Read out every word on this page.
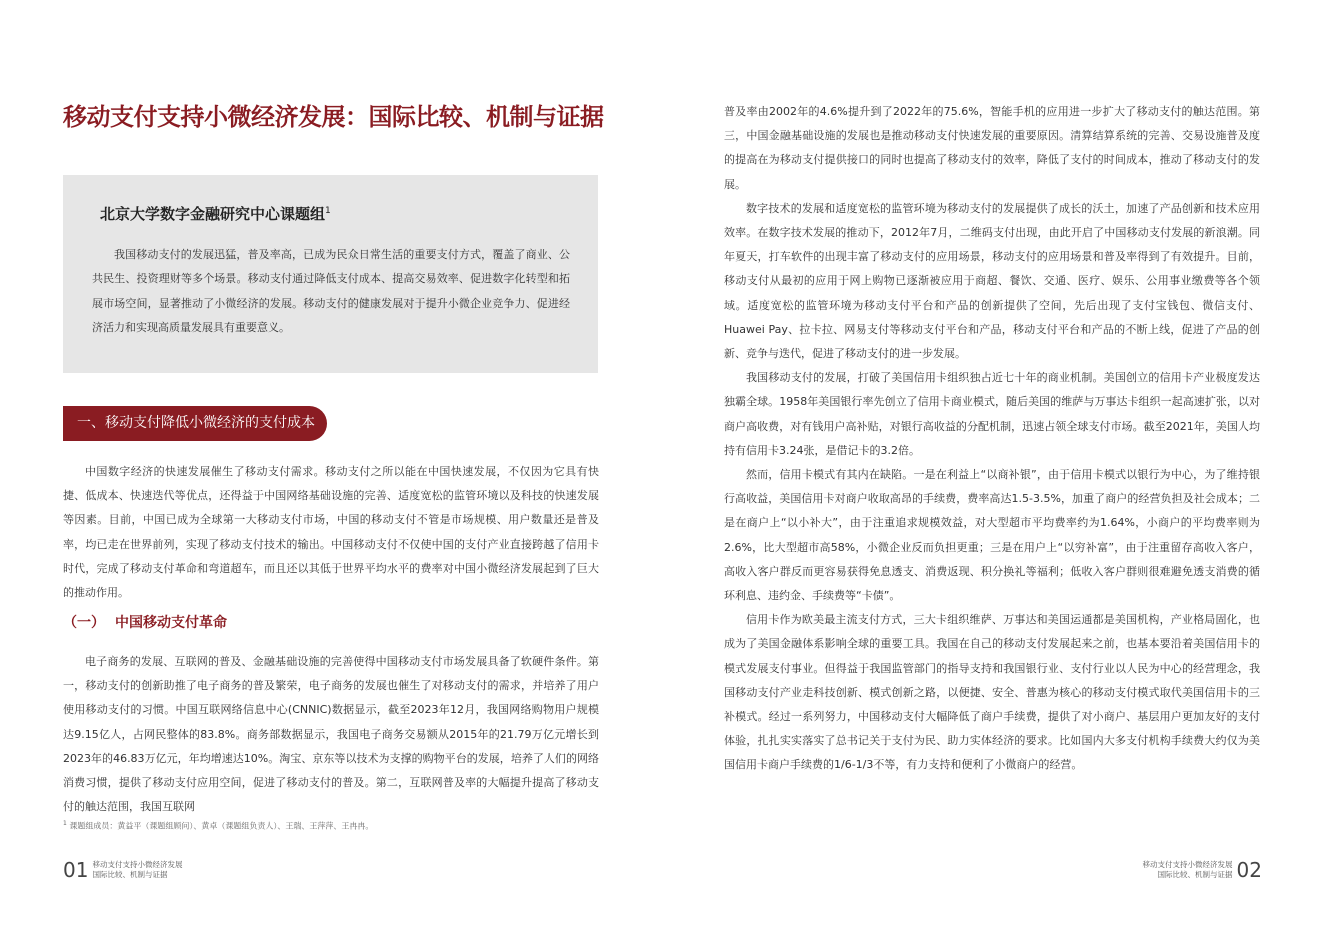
移动支付支持小微经济发展：国际比较、机制与证据

北京大学数字金融研究中心课题组$^1$

我国移动支付的发展迅猛，普及率高，已成为民众日常生活的重要支付方式，覆盖了商业、公共民生、投资理财等多个场景。移动支付通过降低支付成本、提高交易效率、促进数字化转型和拓展市场空间，显著推动了小微经济的发展。移动支付的健康发展对于提升小微企业竞争力、促进经济活力和实现高质量发展具有重要意义。

一、移动支付降低小微经济的支付成本

中国数字经济的快速发展催生了移动支付需求。移动支付之所以能在中国快速发展，不仅因为它具有快捷、低成本、快速迭代等优点，还得益于中国网络基础设施的完善、适度宽松的监管环境以及科技的快速发展等因素。目前，中国已成为全球第一大移动支付市场，中国的移动支付不管是市场规模、用户数量还是普及率，均已走在世界前列，实现了移动支付技术的输出。中国移动支付不仅使中国的支付产业直接跨越了信用卡时代，完成了移动支付革命和弯道超车，而且还以其低于世界平均水平的费率对中国小微经济发展起到了巨大的推动作用。

（一） 中国移动支付革命

电子商务的发展、互联网的普及、金融基础设施的完善使得中国移动支付市场发展具备了软硬件条件。第一，移动支付的创新助推了电子商务的普及繁荣，电子商务的发展也催生了对移动支付的需求，并培养了用户使用移动支付的习惯。中国互联网络信息中心(CNNIC)数据显示，截至2023年12月，我国网络购物用户规模达9.15亿人，占网民整体的83.8%。商务部数据显示，我国电子商务交易额从2015年的21.79万亿元增长到2023年的46.83万亿元，年均增速达10%。淘宝、京东等以技术为支撑的购物平台的发展，培养了人们的网络消费习惯，提供了移动支付应用空间，促进了移动支付的普及。第二，互联网普及率的大幅提升提高了移动支付的触达范围，我国互联网

$^1$ 课题组成员：黄益平（课题组顾问）、黄卓（课题组负责人）、王瑞、王萍萍、王冉冉。

01 移动支付支持小微经济发展
国际比较、机制与证据

普及率由2002年的4.6%提升到了2022年的75.6%，智能手机的应用进一步扩大了移动支付的触达范围。第三，中国金融基础设施的发展也是推动移动支付快速发展的重要原因。清算结算系统的完善、交易设施普及度的提高在为移动支付提供接口的同时也提高了移动支付的效率，降低了支付的时间成本，推动了移动支付的发展。

数字技术的发展和适度宽松的监管环境为移动支付的发展提供了成长的沃土，加速了产品创新和技术应用效率。在数字技术发展的推动下，2012年7月，二维码支付出现，由此开启了中国移动支付发展的新浪潮。同年夏天，打车软件的出现丰富了移动支付的应用场景，移动支付的应用场景和普及率得到了有效提升。目前，移动支付从最初的应用于网上购物已逐渐被应用于商超、餐饮、交通、医疗、娱乐、公用事业缴费等各个领域。适度宽松的监管环境为移动支付平台和产品的创新提供了空间，先后出现了支付宝钱包、微信支付、Huawei Pay、拉卡拉、网易支付等移动支付平台和产品，移动支付平台和产品的不断上线，促进了产品的创新、竞争与迭代，促进了移动支付的进一步发展。

我国移动支付的发展，打破了美国信用卡组织独占近七十年的商业机制。美国创立的信用卡产业极度发达独霸全球。1958年美国银行率先创立了信用卡商业模式，随后美国的维萨与万事达卡组织一起高速扩张，以对商户高收费，对有钱用户高补贴，对银行高收益的分配机制，迅速占领全球支付市场。截至2021年，美国人均持有信用卡3.24张，是借记卡的3.2倍。

然而，信用卡模式有其内在缺陷。一是在利益上“以商补银”，由于信用卡模式以银行为中心，为了维持银行高收益，美国信用卡对商户收取高昂的手续费，费率高达1.5-3.5%，加重了商户的经营负担及社会成本；二是在商户上“以小补大”，由于注重追求规模效益，对大型超市平均费率约为1.64%，小商户的平均费率则为2.6%，比大型超市高58%，小微企业反而负担更重；三是在用户上“以穷补富”，由于注重留存高收入客户，高收入客户群反而更容易获得免息透支、消费返现、积分换礼等福利；低收入客户群则很难避免透支消费的循环利息、违约金、手续费等“卡债”。

信用卡作为欧美最主流支付方式，三大卡组织维萨、万事达和美国运通都是美国机构，产业格局固化，也成为了美国金融体系影响全球的重要工具。我国在自己的移动支付发展起来之前，也基本要沿着美国信用卡的模式发展支付事业。但得益于我国监管部门的指导支持和我国银行业、支付行业以人民为中心的经营理念，我国移动支付产业走科技创新、模式创新之路，以便捷、安全、普惠为核心的移动支付模式取代美国信用卡的三补模式。经过一系列努力，中国移动支付大幅降低了商户手续费，提供了对小商户、基层用户更加友好的支付体验，扎扎实实落实了总书记关于支付为民、助力实体经济的要求。比如国内大多支付机构手续费大约仅为美国信用卡商户手续费的1/6-1/3不等，有力支持和便利了小微商户的经营。

移动支付支持小微经济发展
国际比较、机制与证据 02
